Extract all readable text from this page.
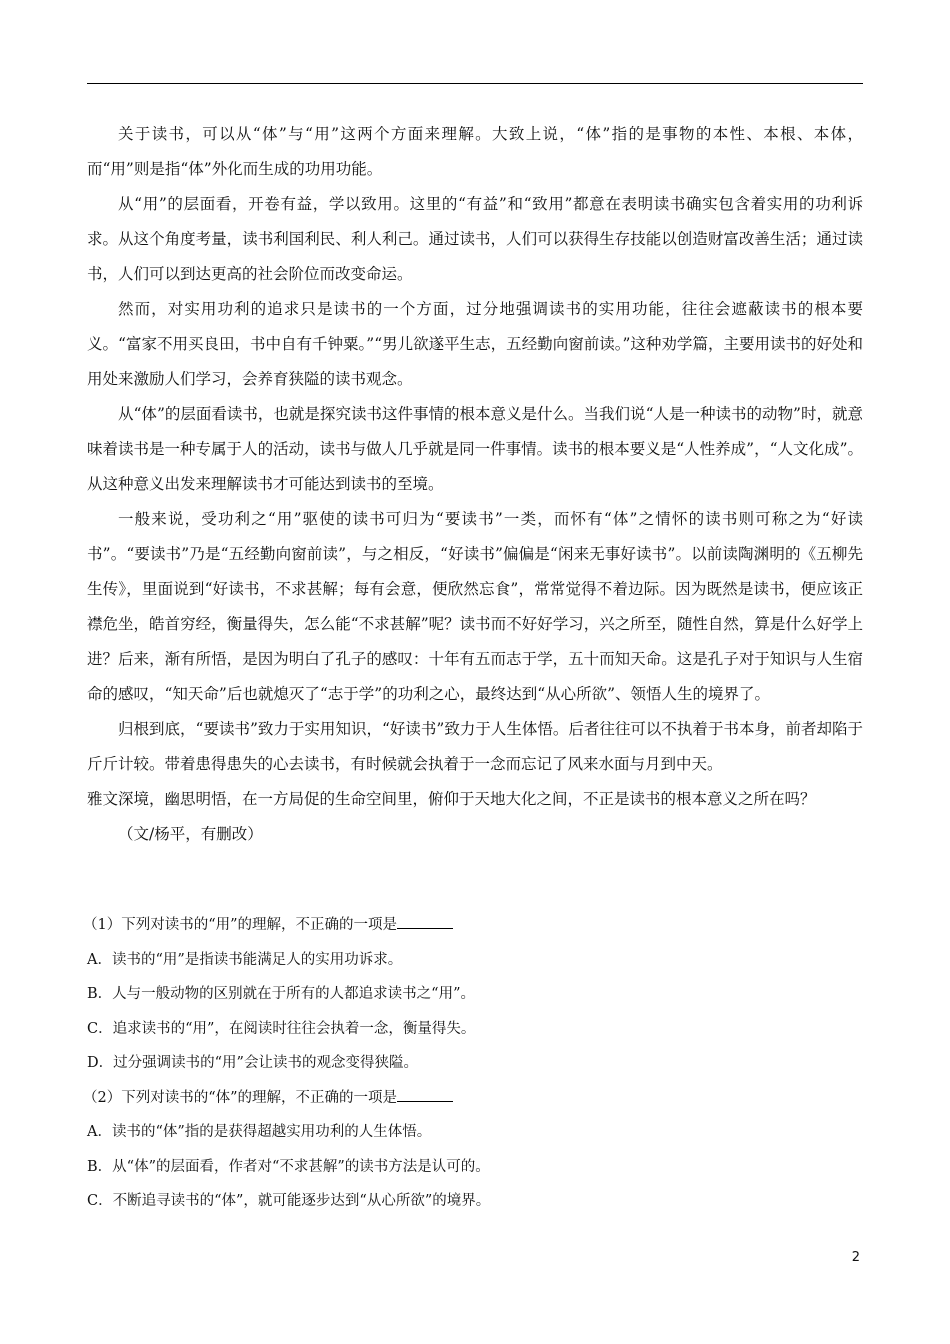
关于读书，可以从“体”与“用”这两个方面来理解。大致上说，“体”指的是事物的本性、本根、本体，而“用”则是指“体”外化而生成的功用功能。

从“用”的层面看，开卷有益，学以致用。这里的“有益”和“致用”都意在表明读书确实包含着实用的功利诉求。从这个角度考量，读书利国利民、利人利己。通过读书，人们可以获得生存技能以创造财富改善生活；通过读书，人们可以到达更高的社会阶位而改变命运。

然而，对实用功利的追求只是读书的一个方面，过分地强调读书的实用功能，往往会遮蔽读书的根本要义。“富家不用买良田，书中自有千钟粟。”“男儿欲遂平生志，五经勤向窗前读。”这种劝学篇，主要用读书的好处和用处来激励人们学习，会养育狭隘的读书观念。

从“体”的层面看读书，也就是探究读书这件事情的根本意义是什么。当我们说“人是一种读书的动物”时，就意味着读书是一种专属于人的活动，读书与做人几乎就是同一件事情。读书的根本要义是“人性养成”，“人文化成”。从这种意义出发来理解读书才可能达到读书的至境。

一般来说，受功利之“用”驱使的读书可归为“要读书”一类，而怀有“体”之情怀的读书则可称之为“好读书”。“要读书”乃是“五经勤向窗前读”，与之相反，“好读书”偏偏是“闲来无事好读书”。以前读陶渊明的《五柳先生传》，里面说到“好读书，不求甚解；每有会意，便欣然忘食”，常常觉得不着边际。因为既然是读书，便应该正襟危坐，皓首穷经，衡量得失，怎么能“不求甚解”呢？读书而不好好学习，兴之所至，随性自然，算是什么好学上进？后来，渐有所悟，是因为明白了孔子的感叹：十年有五而志于学，五十而知天命。这是孔子对于知识与人生宿命的感叹，“知天命”后也就熄灭了“志于学”的功利之心，最终达到“从心所欲”、领悟人生的境界了。

归根到底，“要读书”致力于实用知识，“好读书”致力于人生体悟。后者往往可以不执着于书本身，前者却陷于斤斤计较。带着患得患失的心去读书，有时候就会执着于一念而忘记了风来水面与月到中天。

雅文深境，幽思明悟，在一方局促的生命空间里，俯仰于天地大化之间，不正是读书的根本意义之所在吗？

（文/杨平，有删改）

（1）下列对读书的“用”的理解，不正确的一项是

A．读书的“用”是指读书能满足人的实用功诉求。

B．人与一般动物的区别就在于所有的人都追求读书之“用”。

C．追求读书的“用”，在阅读时往往会执着一念，衡量得失。

D．过分强调读书的“用”会让读书的观念变得狭隘。

（2）下列对读书的“体”的理解，不正确的一项是

A．读书的“体”指的是获得超越实用功利的人生体悟。

B．从“体”的层面看，作者对“不求甚解”的读书方法是认可的。

C．不断追寻读书的“体”，就可能逐步达到“从心所欲”的境界。

2
